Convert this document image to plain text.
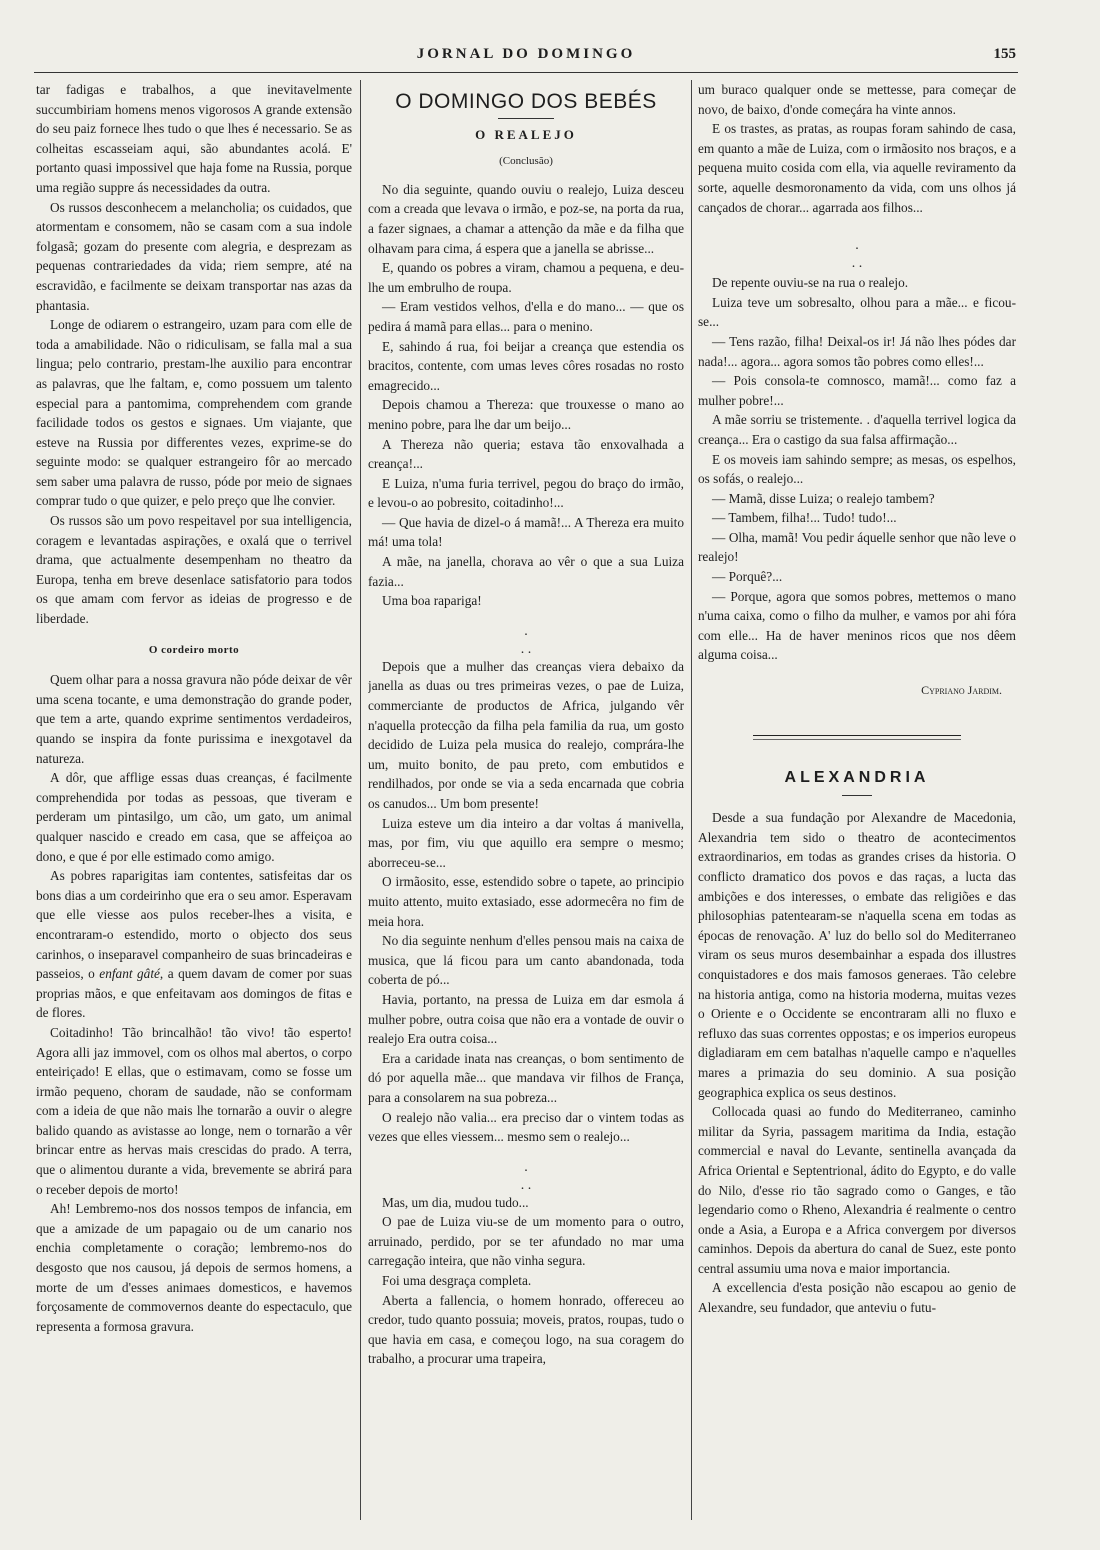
JORNAL DO DOMINGO	155

tar fadigas e trabalhos, a que inevitavelmente succumbiriam homens menos vigorosos A grande extensão do seu paiz fornece lhes tudo o que lhes é necessario. Se as colheitas escasseiam aqui, são abundantes acolá. E' portanto quasi impossivel que haja fome na Russia, porque uma região suppre ás necessidades da outra.

Os russos desconhecem a melancholia; os cuidados, que atormentam e consomem, não se casam com a sua indole folgasã; gozam do presente com alegria, e desprezam as pequenas contrariedades da vida; riem sempre, até na escravidão, e facilmente se deixam transportar nas azas da phantasia.

Longe de odiarem o estrangeiro, uzam para com elle de toda a amabilidade. Não o ridiculisam, se falla mal a sua lingua; pelo contrario, prestam-lhe auxilio para encontrar as palavras, que lhe faltam, e, como possuem um talento especial para a pantomima, comprehendem com grande facilidade todos os gestos e signaes. Um viajante, que esteve na Russia por differentes vezes, exprime-se do seguinte modo: se qualquer estrangeiro fôr ao mercado sem saber uma palavra de russo, póde por meio de signaes comprar tudo o que quizer, e pelo preço que lhe convier.

Os russos são um povo respeitavel por sua intelligencia, coragem e levantadas aspirações, e oxalá que o terrivel drama, que actualmente desempenham no theatro da Europa, tenha em breve desenlace satisfatorio para todos os que amam com fervor as ideias de progresso e de liberdade.

O cordeiro morto

Quem olhar para a nossa gravura não póde deixar de vêr uma scena tocante, e uma demonstração do grande poder, que tem a arte, quando exprime sentimentos verdadeiros, quando se inspira da fonte purissima e inexgotavel da natureza.

A dôr, que afflige essas duas creanças, é facilmente comprehendida por todas as pessoas, que tiveram e perderam um pintasilgo, um cão, um gato, um animal qualquer nascido e creado em casa, que se affeiçoa ao dono, e que é por elle estimado como amigo.

As pobres raparigitas iam contentes, satisfeitas dar os bons dias a um cordeirinho que era o seu amor. Esperavam que elle viesse aos pulos receber-lhes a visita, e encontraram-o estendido, morto o objecto dos seus carinhos, o inseparavel companheiro de suas brincadeiras e passeios, o enfant gâté, a quem davam de comer por suas proprias mãos, e que enfeitavam aos domingos de fitas e de flores.

Coitadinho! Tão brincalhão! tão vivo! tão esperto! Agora alli jaz immovel, com os olhos mal abertos, o corpo enteiriçado! E ellas, que o estimavam, como se fosse um irmão pequeno, choram de saudade, não se conformam com a ideia de que não mais lhe tornarão a ouvir o alegre balido quando as avistasse ao longe, nem o tornarão a vêr brincar entre as hervas mais crescidas do prado. A terra, que o alimentou durante a vida, brevemente se abrirá para o receber depois de morto!

Ah! Lembremo-nos dos nossos tempos de infancia, em que a amizade de um papagaio ou de um canario nos enchia completamente o coração; lembremo-nos do desgosto que nos causou, já depois de sermos homens, a morte de um d'esses animaes domesticos, e havemos forçosamente de commovernos deante do espectaculo, que representa a formosa gravura.

O DOMINGO DOS BEBÉS
O REALEJO
(Conclusão)

No dia seguinte, quando ouviu o realejo, Luiza desceu com a creada que levava o irmão, e poz-se, na porta da rua, a fazer signaes, a chamar a attenção da mãe e da filha que olhavam para cima, á espera que a janella se abrisse...

E, quando os pobres a viram, chamou a pequena, e deu-lhe um embrulho de roupa.

— Eram vestidos velhos, d'ella e do mano... — que os pedira á mamã para ellas... para o menino.

E, sahindo á rua, foi beijar a creança que estendia os bracitos, contente, com umas leves côres rosadas no rosto emagrecido...

Depois chamou a Thereza: que trouxesse o mano ao menino pobre, para lhe dar um beijo...

A Thereza não queria; estava tão enxovalhada a creança!...

E Luiza, n'uma furia terrivel, pegou do braço do irmão, e levou-o ao pobresito, coitadinho!...

— Que havia de dizel-o á mamã!... A Thereza era muito má! uma tola!

A mãe, na janella, chorava ao vêr o que a sua Luiza fazia...

Uma boa rapariga!

.
. .

Depois que a mulher das creanças viera debaixo da janella as duas ou tres primeiras vezes, o pae de Luiza, commerciante de productos de Africa, julgando vêr n'aquella protecção da filha pela familia da rua, um gosto decidido de Luiza pela musica do realejo, comprára-lhe um, muito bonito, de pau preto, com embutidos e rendilhados, por onde se via a seda encarnada que cobria os canudos... Um bom presente!

Luiza esteve um dia inteiro a dar voltas á manivella, mas, por fim, viu que aquillo era sempre o mesmo; aborreceu-se...

O irmãosito, esse, estendido sobre o tapete, ao principio muito attento, muito extasiado, esse adormecêra no fim de meia hora.

No dia seguinte nenhum d'elles pensou mais na caixa de musica, que lá ficou para um canto abandonada, toda coberta de pó...

Havia, portanto, na pressa de Luiza em dar esmola á mulher pobre, outra coisa que não era a vontade de ouvir o realejo Era outra coisa...

Era a caridade inata nas creanças, o bom sentimento de dó por aquella mãe... que mandava vir filhos de França, para a consolarem na sua pobreza...

O realejo não valia... era preciso dar o vintem todas as vezes que elles viessem... mesmo sem o realejo...

.
. .

Mas, um dia, mudou tudo...

O pae de Luiza viu-se de um momento para o outro, arruinado, perdido, por se ter afundado no mar uma carregação inteira, que não vinha segura.

Foi uma desgraça completa.

Aberta a fallencia, o homem honrado, offereceu ao credor, tudo quanto possuia; moveis, pratos, roupas, tudo o que havia em casa, e começou logo, na sua coragem do trabalho, a procurar uma trapeira,

um buraco qualquer onde se mettesse, para começar de novo, de baixo, d'onde começára ha vinte annos.

E os trastes, as pratas, as roupas foram sahindo de casa, em quanto a mãe de Luiza, com o irmãosito nos braços, e a pequena muito cosida com ella, via aquelle reviramento da sorte, aquelle desmoronamento da vida, com uns olhos já cançados de chorar... agarrada aos filhos...

.
. .

De repente ouviu-se na rua o realejo.

Luiza teve um sobresalto, olhou para a mãe... e ficou-se...

— Tens razão, filha! Deixal-os ir! Já não lhes pódes dar nada!... agora... agora somos tão pobres como elles!...

— Pois consola-te comnosco, mamã!... como faz a mulher pobre!...

A mãe sorriu se tristemente. . d'aquella terrivel logica da creança... Era o castigo da sua falsa affirmação...

E os moveis iam sahindo sempre; as mesas, os espelhos, os sofás, o realejo...

— Mamã, disse Luiza; o realejo tambem?

— Tambem, filha!... Tudo! tudo!...

— Olha, mamã! Vou pedir áquelle senhor que não leve o realejo!

— Porquê?...

— Porque, agora que somos pobres, mettemos o mano n'uma caixa, como o filho da mulher, e vamos por ahi fóra com elle... Ha de haver meninos ricos que nos dêem alguma coisa...

Cypriano Jardim.
ALEXANDRIA

Desde a sua fundação por Alexandre de Macedonia, Alexandria tem sido o theatro de acontecimentos extraordinarios, em todas as grandes crises da historia. O conflicto dramatico dos povos e das raças, a lucta das ambições e dos interesses, o embate das religiões e das philosophias patentearam-se n'aquella scena em todas as épocas de renovação. A' luz do bello sol do Mediterraneo viram os seus muros desembainhar a espada dos illustres conquistadores e dos mais famosos generaes. Tão celebre na historia antiga, como na historia moderna, muitas vezes o Oriente e o Occidente se encontraram alli no fluxo e refluxo das suas correntes oppostas; e os imperios europeus digladiaram em cem batalhas n'aquelle campo e n'aquelles mares a primazia do seu dominio. A sua posição geographica explica os seus destinos.

Collocada quasi ao fundo do Mediterraneo, caminho militar da Syria, passagem maritima da India, estação commercial e naval do Levante, sentinella avançada da Africa Oriental e Septentrional, ádito do Egypto, e do valle do Nilo, d'esse rio tão sagrado como o Ganges, e tão legendario como o Rheno, Alexandria é realmente o centro onde a Asia, a Europa e a Africa convergem por diversos caminhos. Depois da abertura do canal de Suez, este ponto central assumiu uma nova e maior importancia.

A excellencia d'esta posição não escapou ao genio de Alexandre, seu fundador, que anteviu o futu-
